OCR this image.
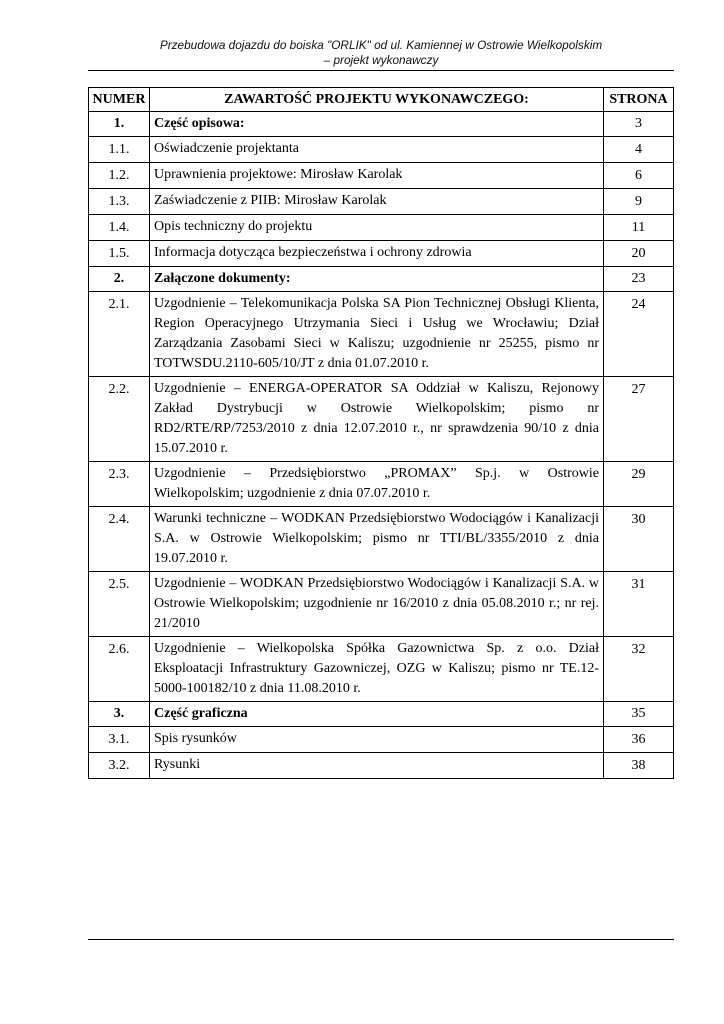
Przebudowa dojazdu do boiska "ORLIK" od ul. Kamiennej w Ostrowie Wielkopolskim
– projekt wykonawczy
NUMER	ZAWARTOŚĆ PROJEKTU WYKONAWCZEGO:	STRONA
1.	Część opisowa:	3
1.1.	Oświadczenie projektanta	4
1.2.	Uprawnienia projektowe: Mirosław Karolak	6
1.3.	Zaświadczenie z PIIB: Mirosław Karolak	9
1.4.	Opis techniczny do projektu	11
1.5.	Informacja dotycząca bezpieczeństwa i ochrony zdrowia	20
2.	Załączone dokumenty:	23
2.1.	Uzgodnienie – Telekomunikacja Polska SA Pion Technicznej Obsługi Klienta, Region Operacyjnego Utrzymania Sieci i Usług we Wrocławiu; Dział Zarządzania Zasobami Sieci w Kaliszu; uzgodnienie nr 25255, pismo nr TOTWSDU.2110-605/10/JT z dnia 01.07.2010 r.	24
2.2.	Uzgodnienie – ENERGA-OPERATOR SA Oddział w Kaliszu, Rejonowy Zakład Dystrybucji w Ostrowie Wielkopolskim; pismo nr RD2/RTE/RP/7253/2010 z dnia 12.07.2010 r., nr sprawdzenia 90/10 z dnia 15.07.2010 r.	27
2.3.	Uzgodnienie – Przedsiębiorstwo „PROMAX” Sp.j. w Ostrowie Wielkopolskim; uzgodnienie z dnia 07.07.2010 r.	29
2.4.	Warunki techniczne – WODKAN Przedsiębiorstwo Wodociągów i Kanalizacji S.A. w Ostrowie Wielkopolskim; pismo nr TTI/BL/3355/2010 z dnia 19.07.2010 r.	30
2.5.	Uzgodnienie – WODKAN Przedsiębiorstwo Wodociągów i Kanalizacji S.A. w Ostrowie Wielkopolskim; uzgodnienie nr 16/2010 z dnia 05.08.2010 r.; nr rej. 21/2010	31
2.6.	Uzgodnienie – Wielkopolska Spółka Gazownictwa Sp. z o.o. Dział Eksploatacji Infrastruktury Gazowniczej, OZG w Kaliszu; pismo nr TE.12-5000-100182/10 z dnia 11.08.2010 r.	32
3.	Część graficzna	35
3.1.	Spis rysunków	36
3.2.	Rysunki	38
